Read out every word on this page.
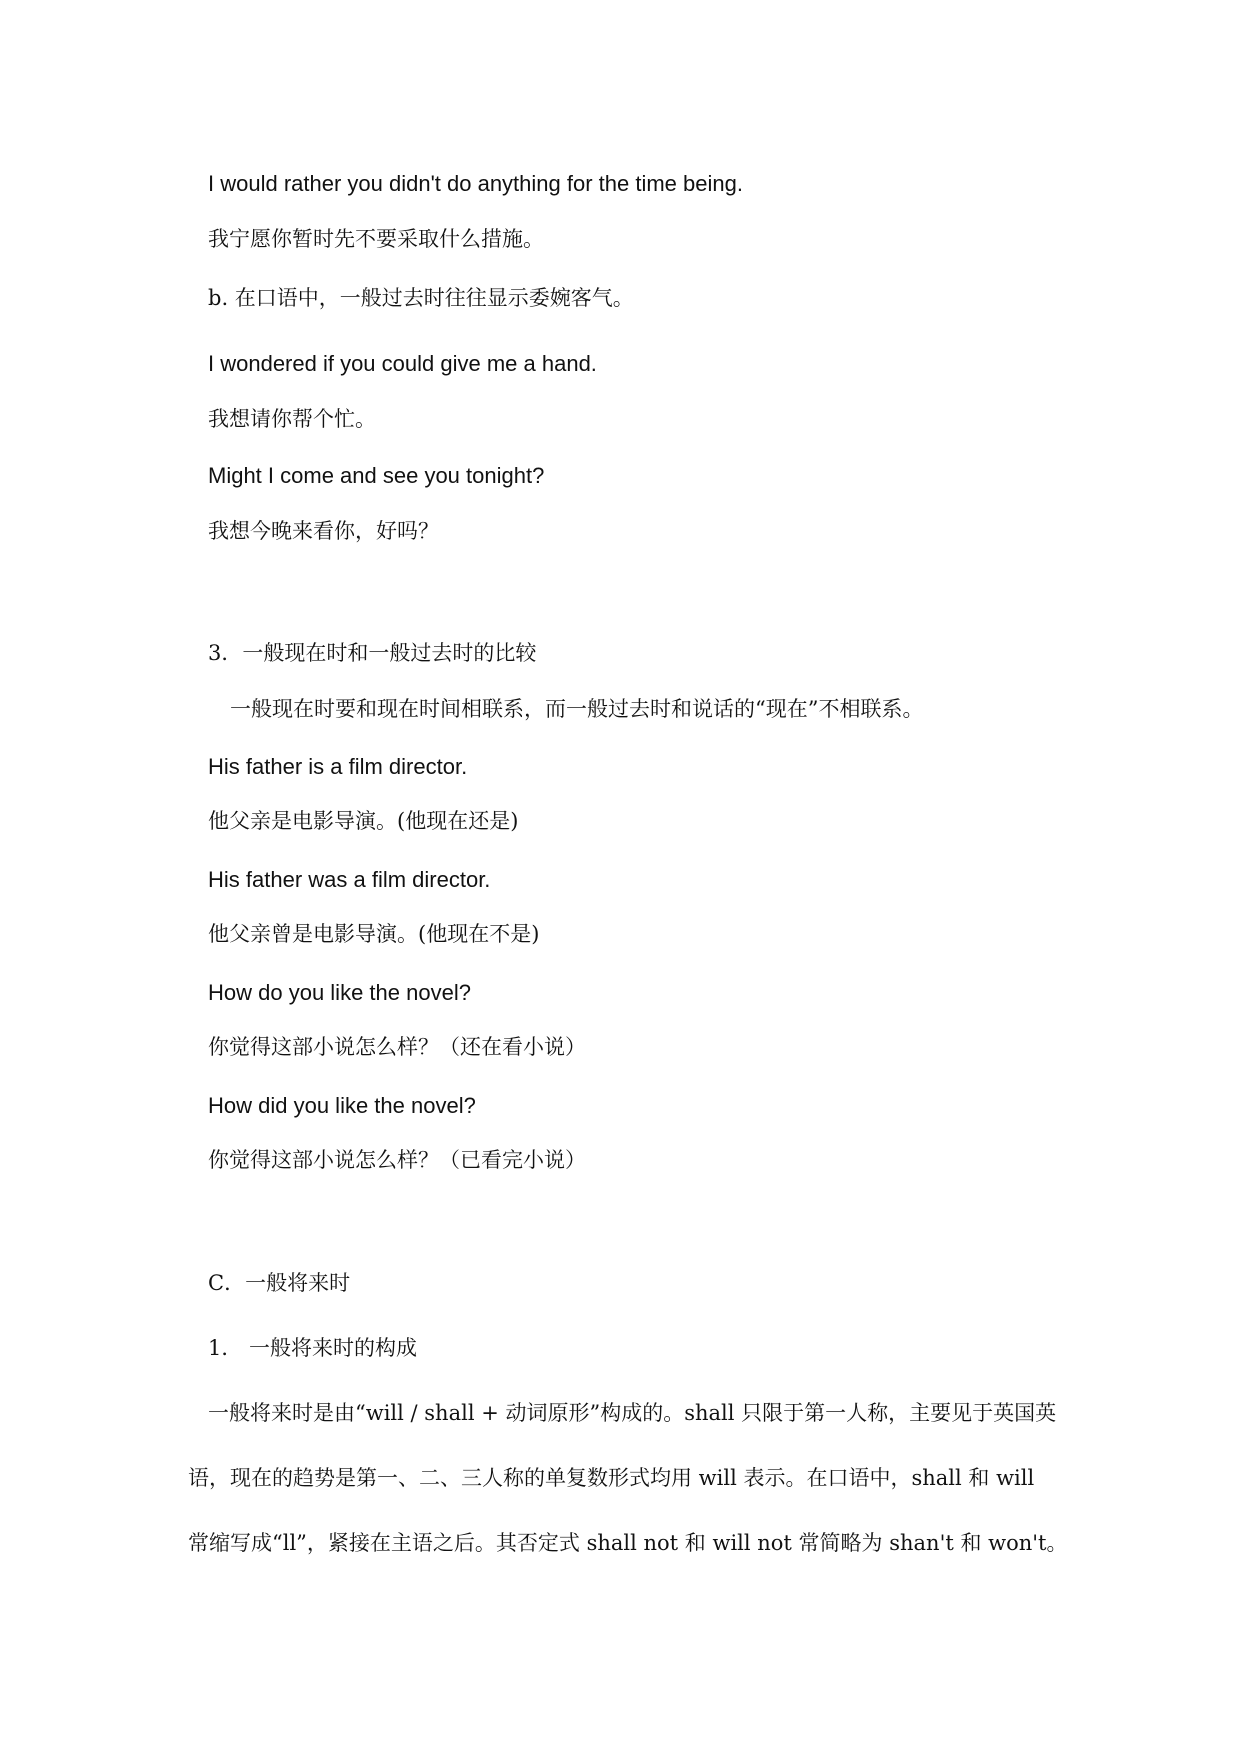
I would rather you didn't do anything for the time being.
我宁愿你暂时先不要采取什么措施。
b. 在口语中，一般过去时往往显示委婉客气。
I wondered if you could give me a hand.
我想请你帮个忙。
Might I come and see you tonight?
我想今晚来看你，好吗？
3．一般现在时和一般过去时的比较
一般现在时要和现在时间相联系，而一般过去时和说话的“现在”不相联系。
His father is a film director.
他父亲是电影导演。(他现在还是)
His father was a film director.
他父亲曾是电影导演。(他现在不是)
How do you like the novel?
你觉得这部小说怎么样？（还在看小说）
How did you like the novel?
你觉得这部小说怎么样？（已看完小说）
C．一般将来时
1． 一般将来时的构成
一般将来时是由“will / shall + 动词原形”构成的。shall 只限于第一人称，主要见于英国英
语，现在的趋势是第一、二、三人称的单复数形式均用 will 表示。在口语中，shall 和 will
常缩写成“ll”，紧接在主语之后。其否定式 shall not 和 will not 常简略为 shan't 和 won't。
